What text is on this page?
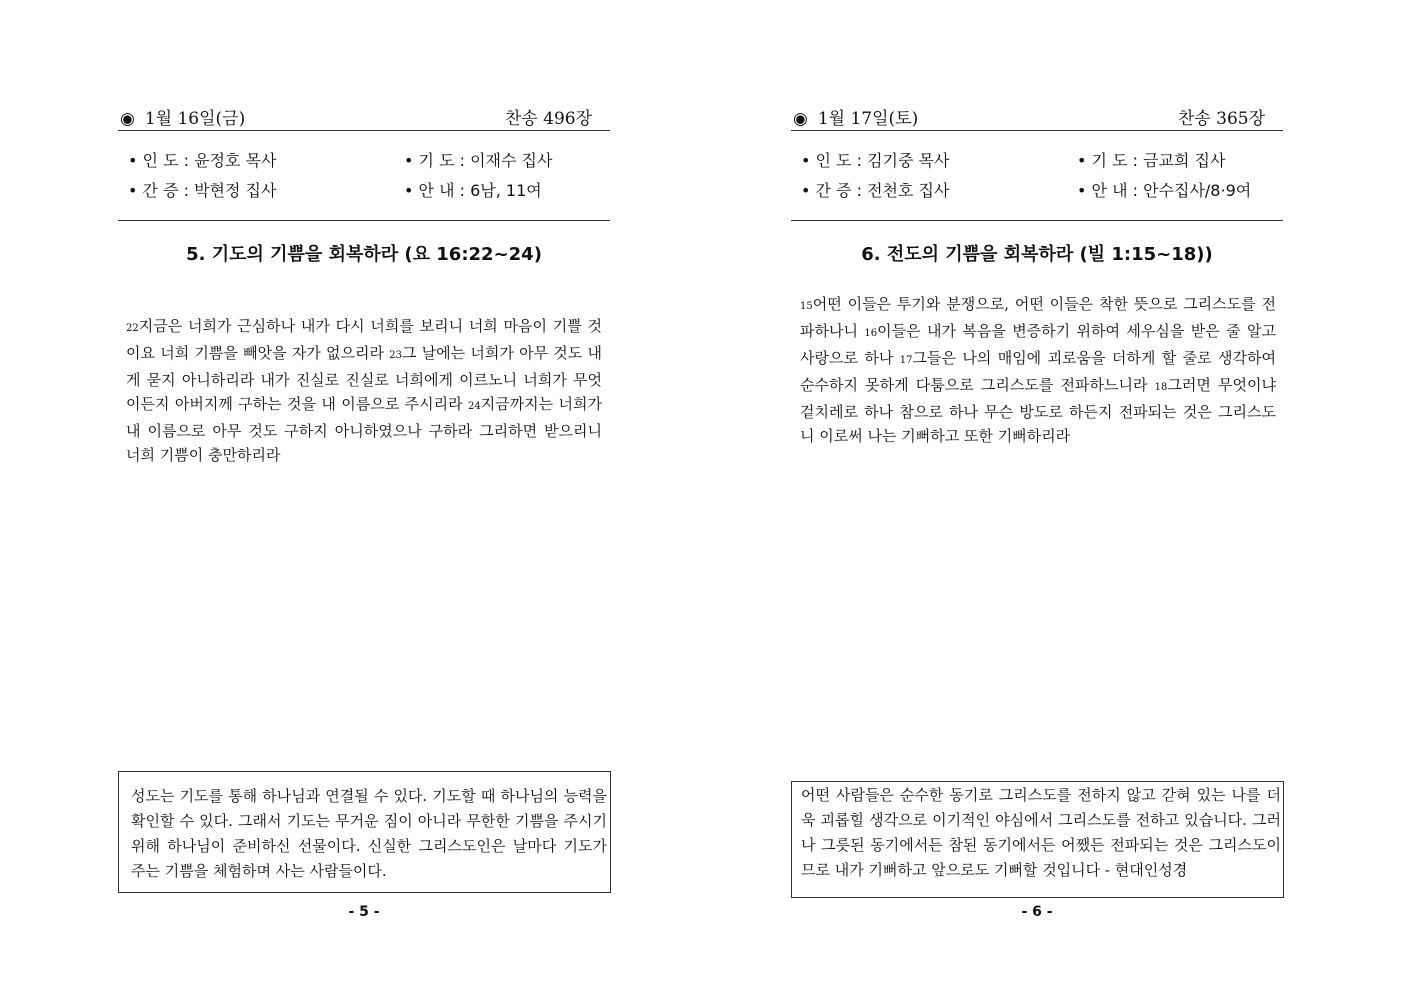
◉ 1월 16일(금)	찬송 496장
• 인 도 : 윤정호 목사	• 기 도 : 이재수 집사
• 간 증 : 박현정 집사	• 안 내 : 6남, 11여
5. 기도의 기쁨을 회복하라 (요 16:22~24)
22지금은 너희가 근심하나 내가 다시 너희를 보리니 너희 마음이 기쁠 것이요 너희 기쁨을 빼앗을 자가 없으리라 23그 날에는 너희가 아무 것도 내게 묻지 아니하리라 내가 진실로 진실로 너희에게 이르노니 너희가 무엇이든지 아버지께 구하는 것을 내 이름으로 주시리라 24지금까지는 너희가 내 이름으로 아무 것도 구하지 아니하였으나 구하라 그리하면 받으리니 너희 기쁨이 충만하리라
성도는 기도를 통해 하나님과 연결될 수 있다. 기도할 때 하나님의 능력을 확인할 수 있다. 그래서 기도는 무거운 짐이 아니라 무한한 기쁨을 주시기 위해 하나님이 준비하신 선물이다. 신실한 그리스도인은 날마다 기도가 주는 기쁨을 체험하며 사는 사람들이다.
- 5 -
◉ 1월 17일(토)	찬송 365장
• 인 도 : 김기중 목사	• 기 도 : 금교희 집사
• 간 증 : 전천호 집사	• 안 내 : 안수집사/8·9여
6. 전도의 기쁨을 회복하라 (빌 1:15~18))
15어떤 이들은 투기와 분쟁으로, 어떤 이들은 착한 뜻으로 그리스도를 전파하나니 16이들은 내가 복음을 변증하기 위하여 세우심을 받은 줄 알고 사랑으로 하나 17그들은 나의 매임에 괴로움을 더하게 할 줄로 생각하여 순수하지 못하게 다툼으로 그리스도를 전파하느니라 18그러면 무엇이냐 겉치레로 하나 참으로 하나 무슨 방도로 하든지 전파되는 것은 그리스도니 이로써 나는 기뻐하고 또한 기뻐하리라
어떤 사람들은 순수한 동기로 그리스도를 전하지 않고 갇혀 있는 나를 더욱 괴롭힐 생각으로 이기적인 야심에서 그리스도를 전하고 있습니다. 그러나 그릇된 동기에서든 참된 동기에서든 어쨌든 전파되는 것은 그리스도이므로 내가 기뻐하고 앞으로도 기뻐할 것입니다 - 현대인성경
- 6 -
